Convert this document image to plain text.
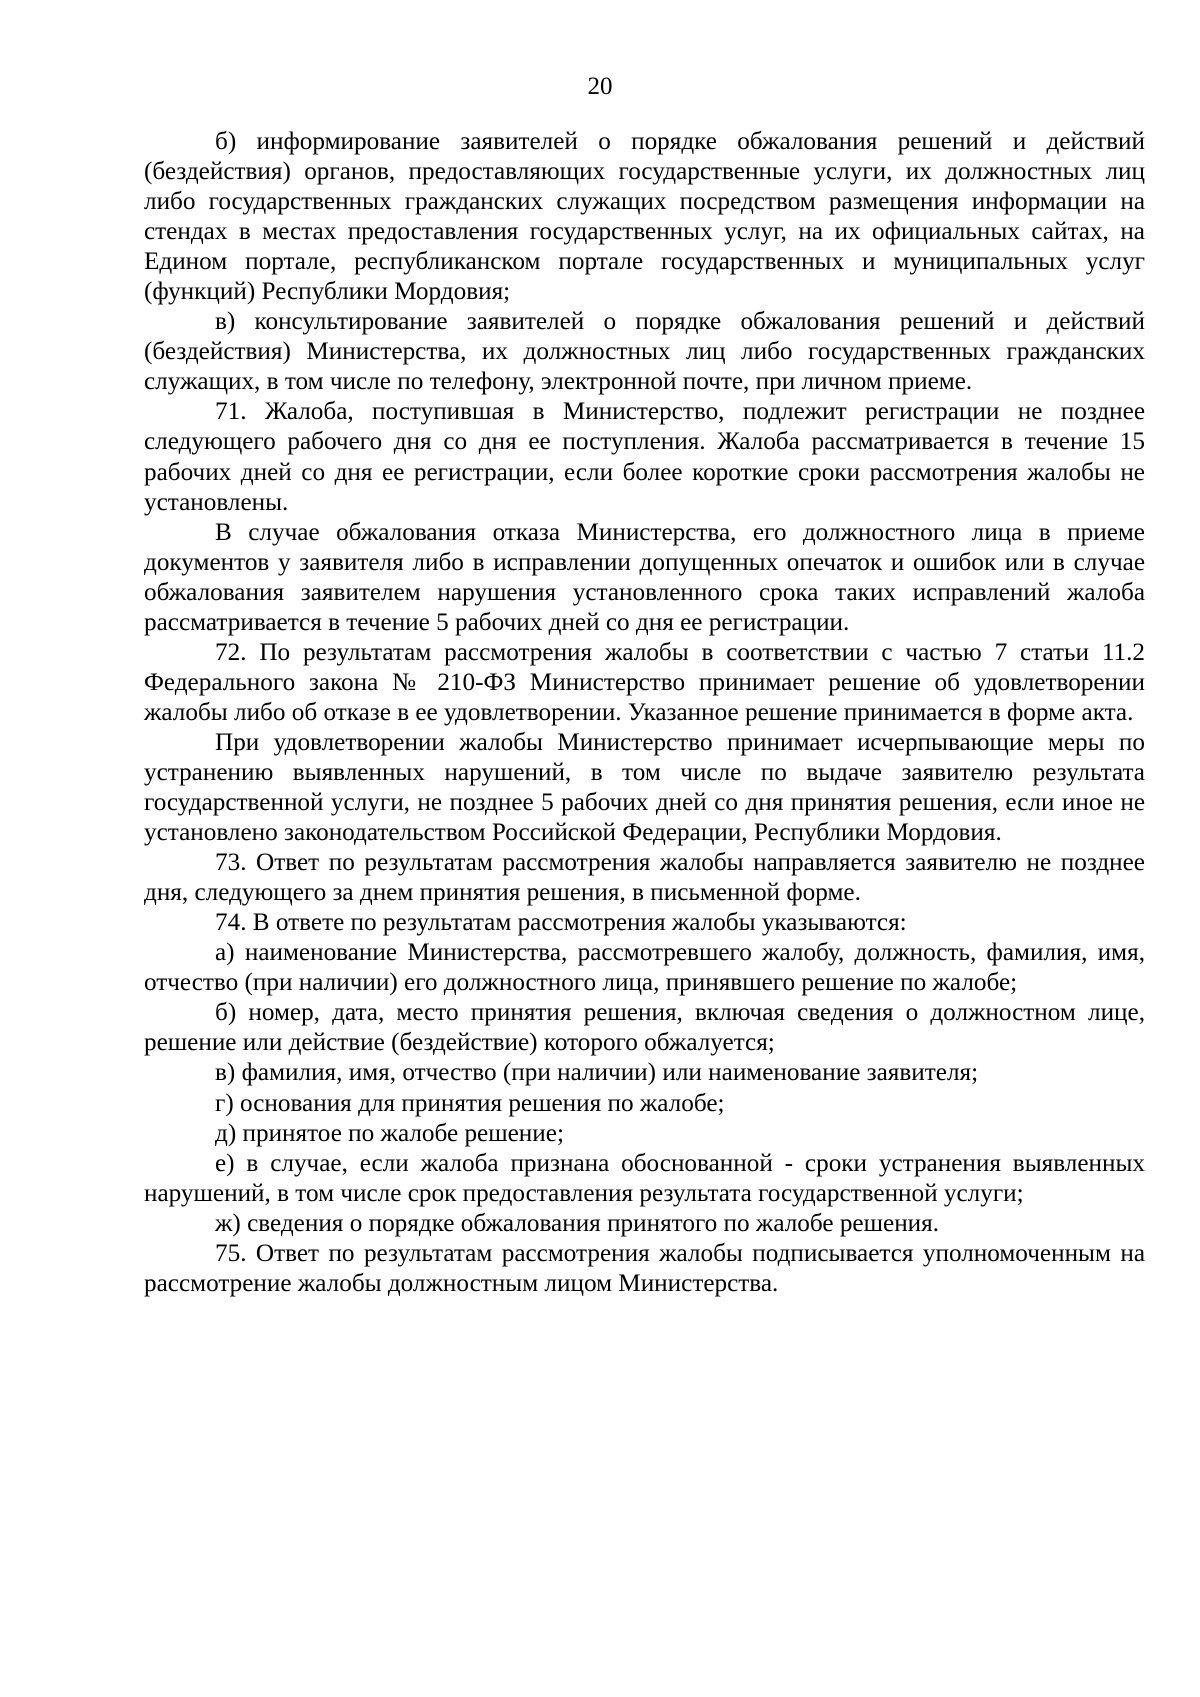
20

б) информирование заявителей о порядке обжалования решений и действий (бездействия) органов, предоставляющих государственные услуги, их должностных лиц либо государственных гражданских служащих посредством размещения информации на стендах в местах предоставления государственных услуг, на их официальных сайтах, на Едином портале, республиканском портале государственных и муниципальных услуг (функций) Республики Мордовия;

в) консультирование заявителей о порядке обжалования решений и действий (бездействия) Министерства, их должностных лиц либо государственных гражданских служащих, в том числе по телефону, электронной почте, при личном приеме.

71. Жалоба, поступившая в Министерство, подлежит регистрации не позднее следующего рабочего дня со дня ее поступления. Жалоба рассматривается в течение 15 рабочих дней со дня ее регистрации, если более короткие сроки рассмотрения жалобы не установлены.

В случае обжалования отказа Министерства, его должностного лица в приеме документов у заявителя либо в исправлении допущенных опечаток и ошибок или в случае обжалования заявителем нарушения установленного срока таких исправлений жалоба рассматривается в течение 5 рабочих дней со дня ее регистрации.

72. По результатам рассмотрения жалобы в соответствии с частью 7 статьи 11.2 Федерального закона № 210-ФЗ Министерство принимает решение об удовлетворении жалобы либо об отказе в ее удовлетворении. Указанное решение принимается в форме акта.

При удовлетворении жалобы Министерство принимает исчерпывающие меры по устранению выявленных нарушений, в том числе по выдаче заявителю результата государственной услуги, не позднее 5 рабочих дней со дня принятия решения, если иное не установлено законодательством Российской Федерации, Республики Мордовия.

73. Ответ по результатам рассмотрения жалобы направляется заявителю не позднее дня, следующего за днем принятия решения, в письменной форме.

74. В ответе по результатам рассмотрения жалобы указываются:

а) наименование Министерства, рассмотревшего жалобу, должность, фамилия, имя, отчество (при наличии) его должностного лица, принявшего решение по жалобе;

б) номер, дата, место принятия решения, включая сведения о должностном лице, решение или действие (бездействие) которого обжалуется;

в) фамилия, имя, отчество (при наличии) или наименование заявителя;

г) основания для принятия решения по жалобе;

д) принятое по жалобе решение;

е) в случае, если жалоба признана обоснованной - сроки устранения выявленных нарушений, в том числе срок предоставления результата государственной услуги;

ж) сведения о порядке обжалования принятого по жалобе решения.

75. Ответ по результатам рассмотрения жалобы подписывается уполномоченным на рассмотрение жалобы должностным лицом Министерства.
